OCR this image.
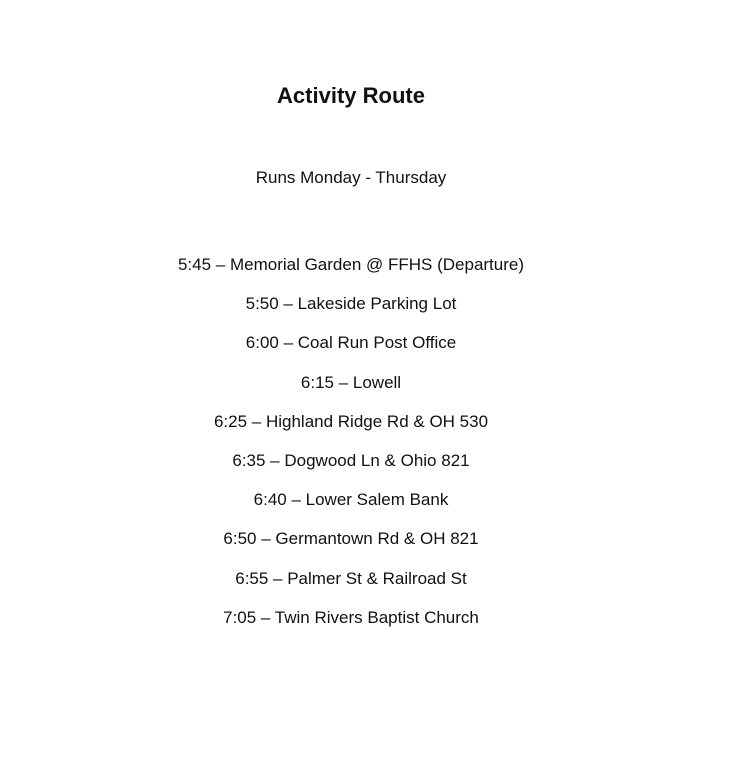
Activity Route
Runs Monday - Thursday
5:45 – Memorial Garden @ FFHS (Departure)
5:50 – Lakeside Parking Lot
6:00 – Coal Run Post Office
6:15 – Lowell
6:25 – Highland Ridge Rd & OH 530
6:35 – Dogwood Ln & Ohio 821
6:40 – Lower Salem Bank
6:50 – Germantown Rd & OH 821
6:55 – Palmer St & Railroad St
7:05 – Twin Rivers Baptist Church
